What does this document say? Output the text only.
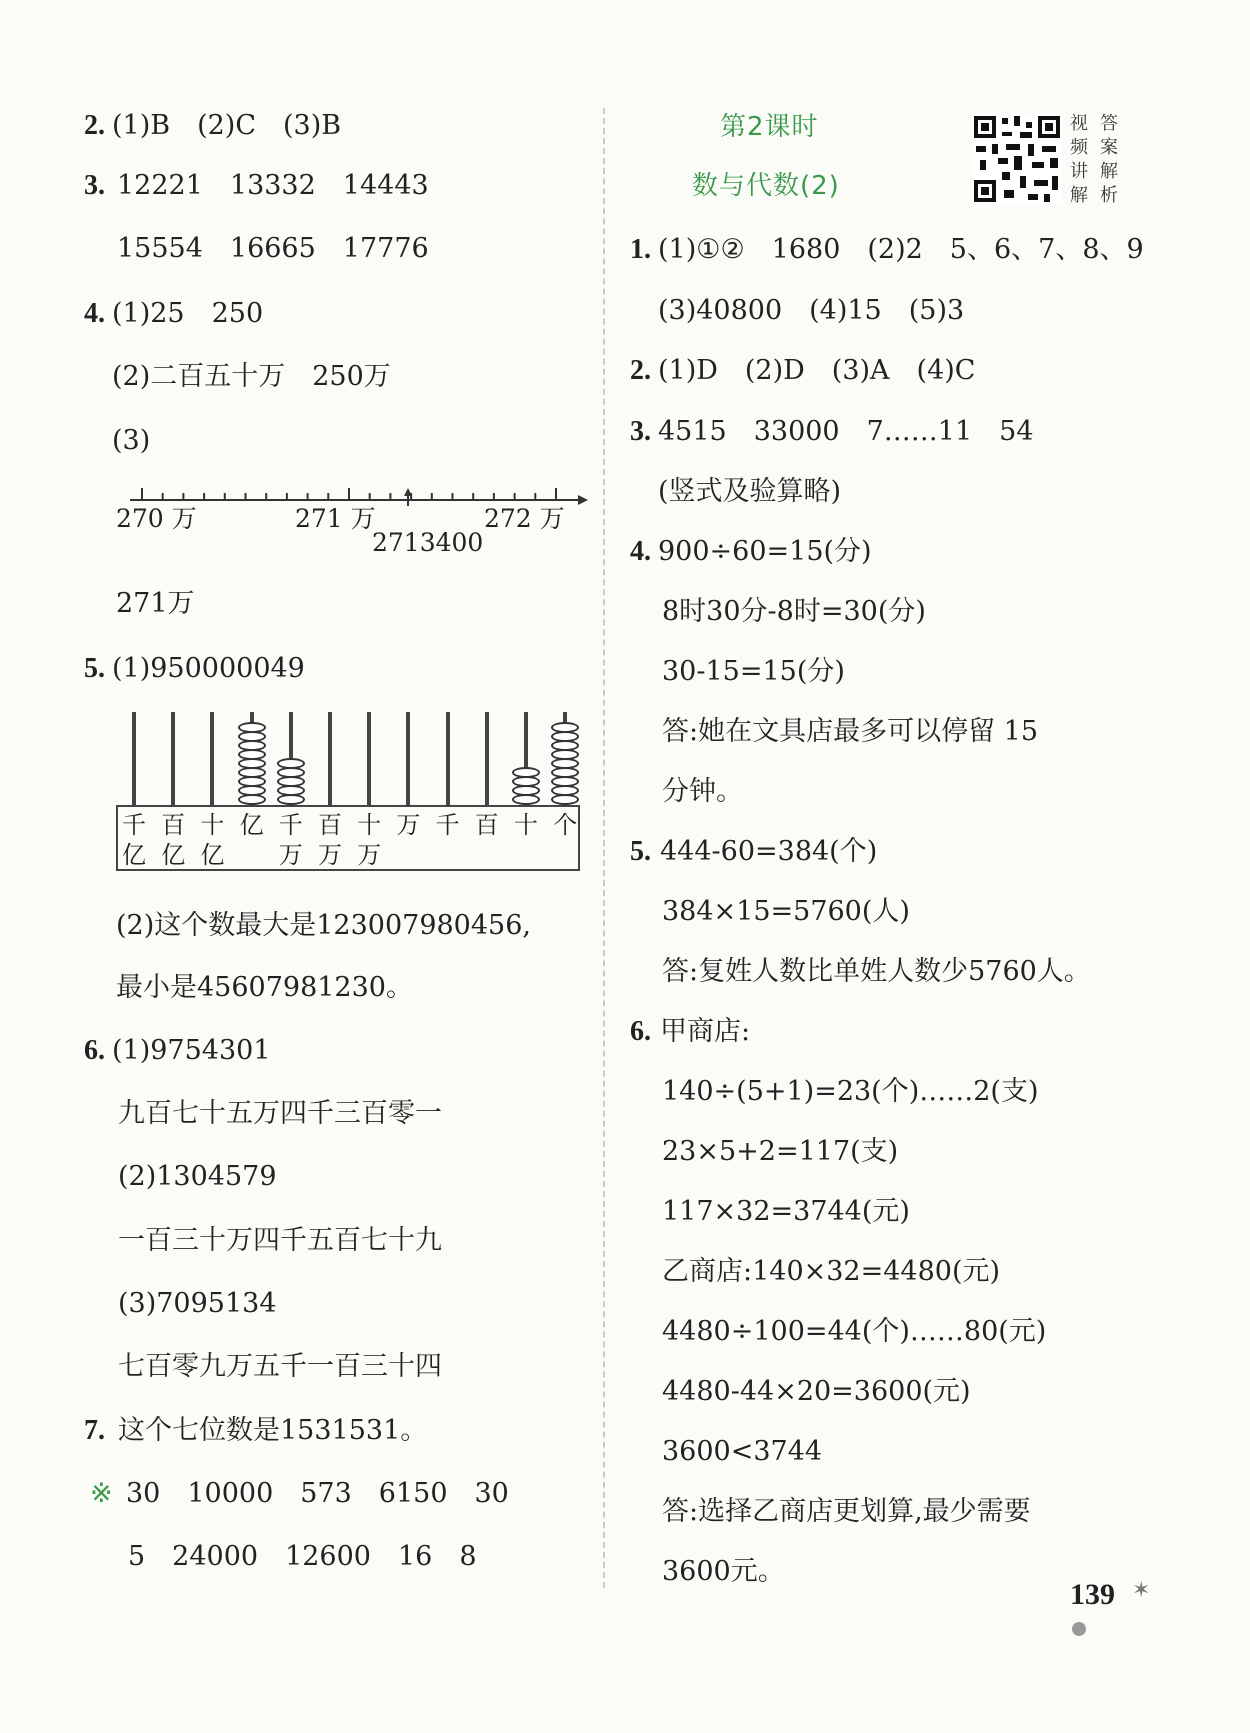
2. (1)B　(2)C　(3)B
3. 12221　13332　14443
15554　16665　17776
4. (1)25　250
(2)二百五十万　250万
(3)
270 万	271 万	272 万
2713400
271万
5. (1)950000049
千
亿
百
亿
十
亿
亿 千
万
百
万
十
万
万 千 百 十 个
(2)这个数最大是123007980456,
最小是45607981230。
6. (1)9754301
九百七十五万四千三百零一
(2)1304579
一百三十万四千五百七十九
(3)7095134
七百零九万五千一百三十四
7. 这个七位数是1531531。
※ 30　10000　573　6150　30
5　24000　12600　16　8
第2课时
数与代数(2)
视
频
讲
解
答
案
解
析
1. (1)①②　1680　(2)2　5、6、7、8、9
(3)40800　(4)15　(5)3
2. (1)D　(2)D　(3)A　(4)C
3. 4515　33000　7……11　54
(竖式及验算略)
4. 900÷60=15(分)
8时30分-8时=30(分)
30-15=15(分)
答:她在文具店最多可以停留 15
分钟。
5. 444-60=384(个)
384×15=5760(人)
答:复姓人数比单姓人数少5760人。
6. 甲商店:
140÷(5+1)=23(个)……2(支)
23×5+2=117(支)
117×32=3744(元)
乙商店:140×32=4480(元)
4480÷100=44(个)……80(元)
4480-44×20=3600(元)
3600<3744
答:选择乙商店更划算,最少需要
3600元。
139 ✶
